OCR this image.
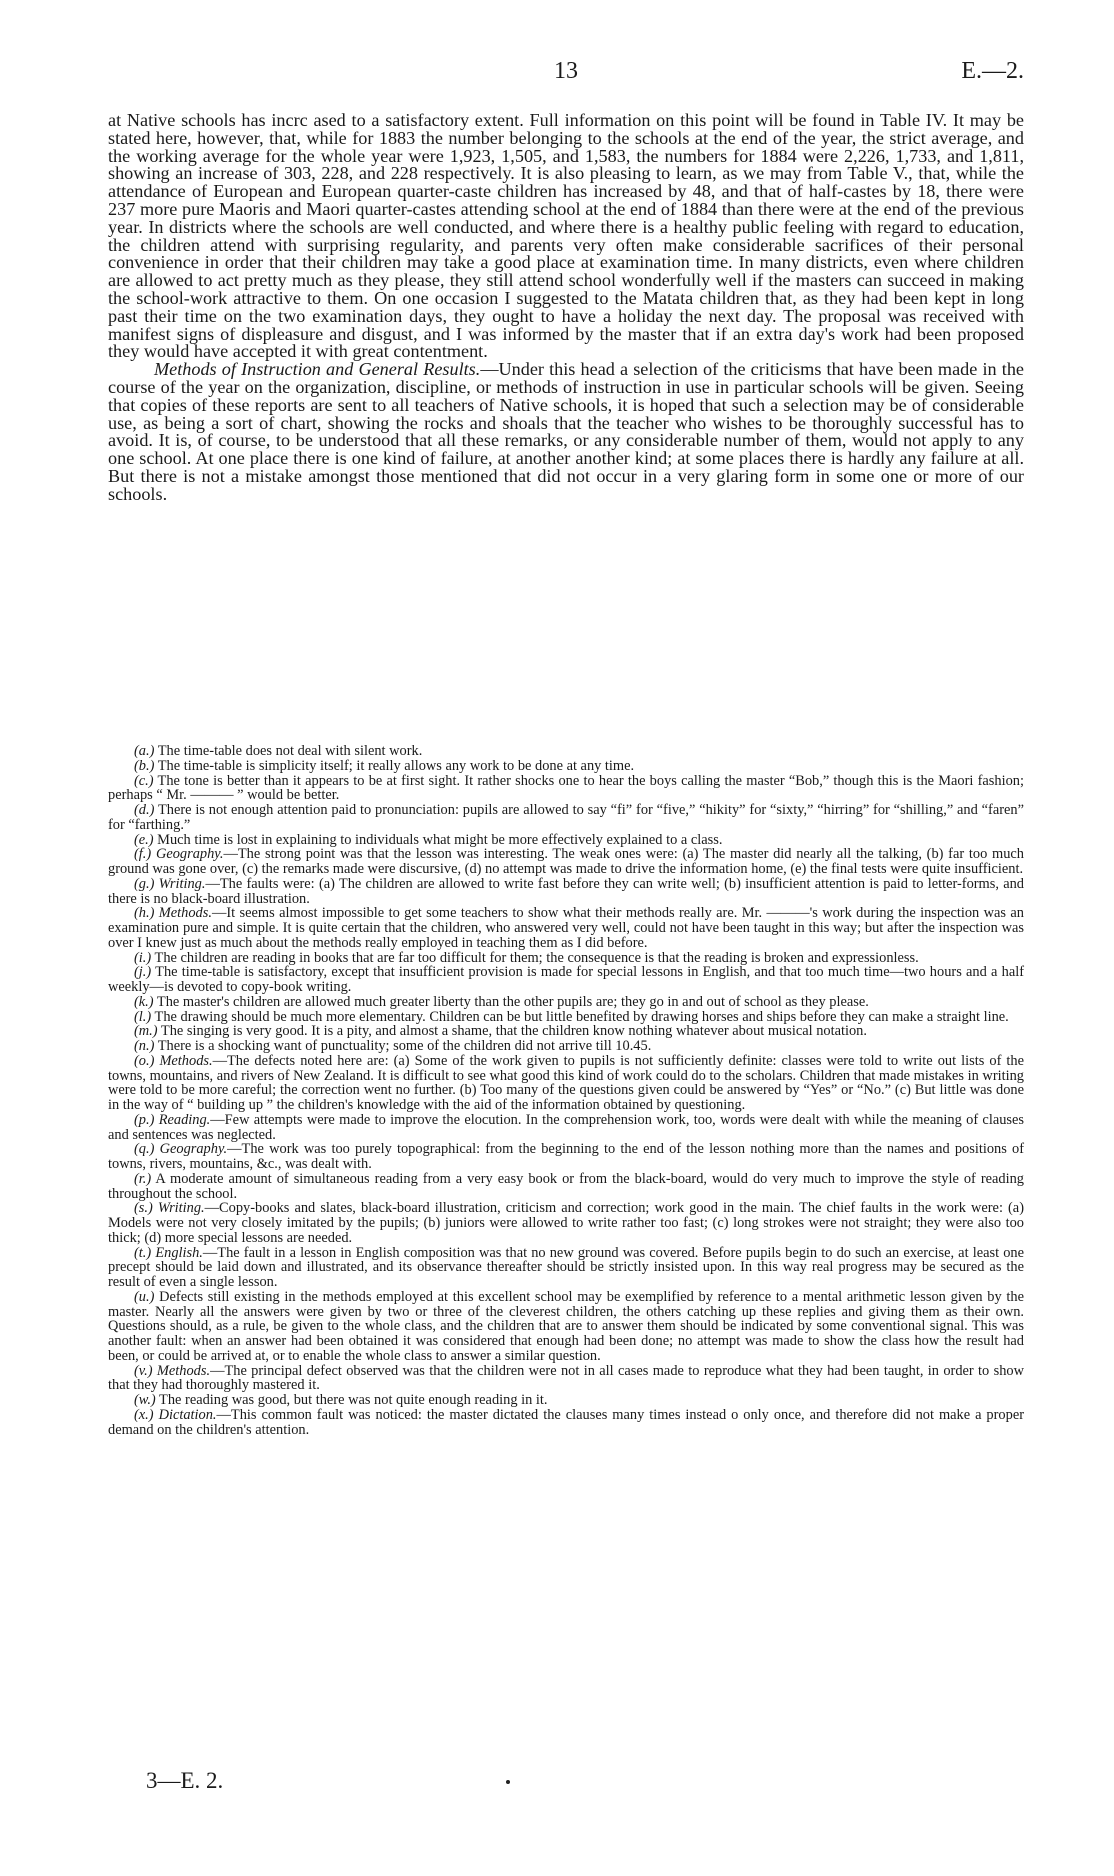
13	E.—2.

at Native schools has incrc ased to a satisfactory extent. Full information on this point will be found in Table IV. It may be stated here, however, that, while for 1883 the number belonging to the schools at the end of the year, the strict average, and the working average for the whole year were 1,923, 1,505, and 1,583, the numbers for 1884 were 2,226, 1,733, and 1,811, showing an increase of 303, 228, and 228 respectively. It is also pleasing to learn, as we may from Table V., that, while the attendance of European and European quarter-caste children has increased by 48, and that of half-castes by 18, there were 237 more pure Maoris and Maori quarter-castes attending school at the end of 1884 than there were at the end of the previous year. In districts where the schools are well conducted, and where there is a healthy public feeling with regard to education, the children attend with surprising regularity, and parents very often make considerable sacrifices of their personal convenience in order that their children may take a good place at examination time. In many districts, even where children are allowed to act pretty much as they please, they still attend school wonderfully well if the masters can succeed in making the school-work attractive to them. On one occasion I suggested to the Matata children that, as they had been kept in long past their time on the two examination days, they ought to have a holiday the next day. The proposal was received with manifest signs of displeasure and disgust, and I was informed by the master that if an extra day's work had been proposed they would have accepted it with great contentment.

Methods of Instruction and General Results.—Under this head a selection of the criticisms that have been made in the course of the year on the organization, discipline, or methods of instruction in use in particular schools will be given. Seeing that copies of these reports are sent to all teachers of Native schools, it is hoped that such a selection may be of considerable use, as being a sort of chart, showing the rocks and shoals that the teacher who wishes to be thoroughly successful has to avoid. It is, of course, to be understood that all these remarks, or any considerable number of them, would not apply to any one school. At one place there is one kind of failure, at another another kind; at some places there is hardly any failure at all. But there is not a mistake amongst those mentioned that did not occur in a very glaring form in some one or more of our schools.

(a.) The time-table does not deal with silent work.

(b.) The time-table is simplicity itself; it really allows any work to be done at any time.

(c.) The tone is better than it appears to be at first sight. It rather shocks one to hear the boys calling the master “Bob,” though this is the Maori fashion; perhaps “ Mr. ——— ” would be better.

(d.) There is not enough attention paid to pronunciation: pupils are allowed to say “fi” for “five,” “hikity” for “sixty,” “hirring” for “shilling,” and “faren” for “farthing.”

(e.) Much time is lost in explaining to individuals what might be more effectively explained to a class.

(f.) Geography.—The strong point was that the lesson was interesting. The weak ones were: (a) The master did nearly all the talking, (b) far too much ground was gone over, (c) the remarks made were discursive, (d) no attempt was made to drive the information home, (e) the final tests were quite insufficient.

(g.) Writing.—The faults were: (a) The children are allowed to write fast before they can write well; (b) insufficient attention is paid to letter-forms, and there is no black-board illustration.

(h.) Methods.—It seems almost impossible to get some teachers to show what their methods really are. Mr. ———'s work during the inspection was an examination pure and simple. It is quite certain that the children, who answered very well, could not have been taught in this way; but after the inspection was over I knew just as much about the methods really employed in teaching them as I did before.

(i.) The children are reading in books that are far too difficult for them; the consequence is that the reading is broken and expressionless.

(j.) The time-table is satisfactory, except that insufficient provision is made for special lessons in English, and that too much time—two hours and a half weekly—is devoted to copy-book writing.

(k.) The master's children are allowed much greater liberty than the other pupils are; they go in and out of school as they please.

(l.) The drawing should be much more elementary. Children can be but little benefited by drawing horses and ships before they can make a straight line.

(m.) The singing is very good. It is a pity, and almost a shame, that the children know nothing whatever about musical notation.

(n.) There is a shocking want of punctuality; some of the children did not arrive till 10.45.

(o.) Methods.—The defects noted here are: (a) Some of the work given to pupils is not sufficiently definite: classes were told to write out lists of the towns, mountains, and rivers of New Zealand. It is difficult to see what good this kind of work could do to the scholars. Children that made mistakes in writing were told to be more careful; the correction went no further. (b) Too many of the questions given could be answered by “Yes” or “No.” (c) But little was done in the way of “ building up ” the children's knowledge with the aid of the information obtained by questioning.

(p.) Reading.—Few attempts were made to improve the elocution. In the comprehension work, too, words were dealt with while the meaning of clauses and sentences was neglected.

(q.) Geography.—The work was too purely topographical: from the beginning to the end of the lesson nothing more than the names and positions of towns, rivers, mountains, &c., was dealt with.

(r.) A moderate amount of simultaneous reading from a very easy book or from the black-board, would do very much to improve the style of reading throughout the school.

(s.) Writing.—Copy-books and slates, black-board illustration, criticism and correction; work good in the main. The chief faults in the work were: (a) Models were not very closely imitated by the pupils; (b) juniors were allowed to write rather too fast; (c) long strokes were not straight; they were also too thick; (d) more special lessons are needed.

(t.) English.—The fault in a lesson in English composition was that no new ground was covered. Before pupils begin to do such an exercise, at least one precept should be laid down and illustrated, and its observance thereafter should be strictly insisted upon. In this way real progress may be secured as the result of even a single lesson.

(u.) Defects still existing in the methods employed at this excellent school may be exemplified by reference to a mental arithmetic lesson given by the master. Nearly all the answers were given by two or three of the cleverest children, the others catching up these replies and giving them as their own. Questions should, as a rule, be given to the whole class, and the children that are to answer them should be indicated by some conventional signal. This was another fault: when an answer had been obtained it was considered that enough had been done; no attempt was made to show the class how the result had been, or could be arrived at, or to enable the whole class to answer a similar question.

(v.) Methods.—The principal defect observed was that the children were not in all cases made to reproduce what they had been taught, in order to show that they had thoroughly mastered it.

(w.) The reading was good, but there was not quite enough reading in it.

(x.) Dictation.—This common fault was noticed: the master dictated the clauses many times instead o only once, and therefore did not make a proper demand on the children's attention.

3—E. 2.
